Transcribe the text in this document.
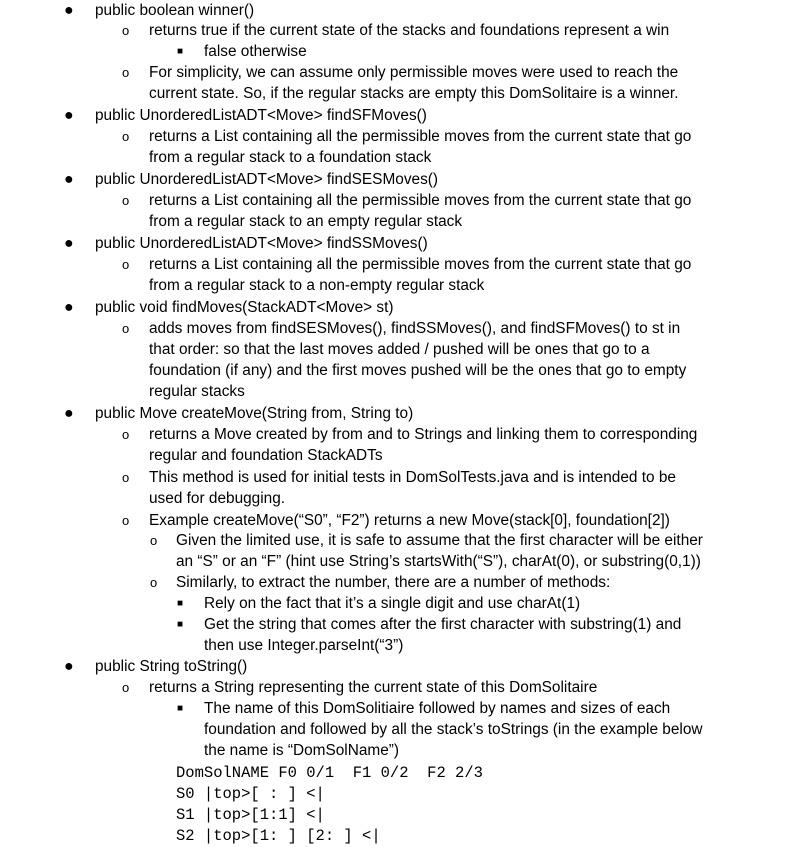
●
o
■
o
●
o
●
o
●
o
●
o
●
o
o
o
o
o
■
■
●
o
■
public boolean winner()
returns true if the current state of the stacks and foundations represent a win
false otherwise
For simplicity, we can assume only permissible moves were used to reach the
current state. So, if the regular stacks are empty this DomSolitaire is a winner.
public UnorderedListADT<Move> findSFMoves()
returns a List containing all the permissible moves from the current state that go
from a regular stack to a foundation stack
public UnorderedListADT<Move> findSESMoves()
returns a List containing all the permissible moves from the current state that go
from a regular stack to an empty regular stack
public UnorderedListADT<Move> findSSMoves()
returns a List containing all the permissible moves from the current state that go
from a regular stack to a non-empty regular stack
public void findMoves(StackADT<Move> st)
adds moves from findSESMoves(), findSSMoves(), and findSFMoves() to st in
that order: so that the last moves added / pushed will be ones that go to a
foundation (if any) and the first moves pushed will be the ones that go to empty
regular stacks
public Move createMove(String from, String to)
returns a Move created by from and to Strings and linking them to corresponding
regular and foundation StackADTs
This method is used for initial tests in DomSolTests.java and is intended to be
used for debugging.
Example createMove(“S0”, “F2”) returns a new Move(stack[0], foundation[2])
Given the limited use, it is safe to assume that the first character will be either
an “S” or an “F” (hint use String’s startsWith(“S”), charAt(0), or substring(0,1))
Similarly, to extract the number, there are a number of methods:
Rely on the fact that it’s a single digit and use charAt(1)
Get the string that comes after the first character with substring(1) and
then use Integer.parseInt(“3”)
public String toString()
returns a String representing the current state of this DomSolitaire
The name of this DomSolitiaire followed by names and sizes of each
foundation and followed by all the stack’s toStrings (in the example below
the name is “DomSolName”)
DomSolNAME F0 0/1  F1 0/2  F2 2/3
S0 |top>[ : ] <|
S1 |top>[1:1] <|
S2 |top>[1: ] [2: ] <|
